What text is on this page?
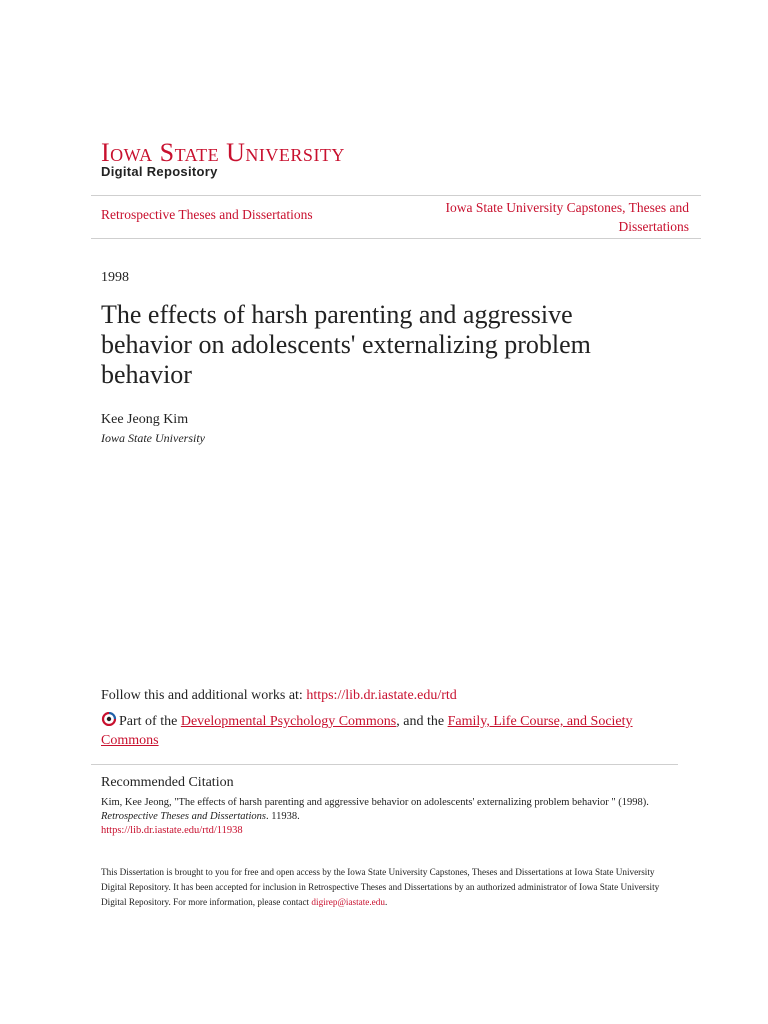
Iowa State University
Digital Repository
Retrospective Theses and Dissertations	Iowa State University Capstones, Theses and Dissertations
1998
The effects of harsh parenting and aggressive behavior on adolescents' externalizing problem behavior
Kee Jeong Kim
Iowa State University
Follow this and additional works at: https://lib.dr.iastate.edu/rtd
Part of the Developmental Psychology Commons, and the Family, Life Course, and Society Commons
Recommended Citation
Kim, Kee Jeong, "The effects of harsh parenting and aggressive behavior on adolescents' externalizing problem behavior " (1998).
Retrospective Theses and Dissertations. 11938.
https://lib.dr.iastate.edu/rtd/11938
This Dissertation is brought to you for free and open access by the Iowa State University Capstones, Theses and Dissertations at Iowa State University Digital Repository. It has been accepted for inclusion in Retrospective Theses and Dissertations by an authorized administrator of Iowa State University Digital Repository. For more information, please contact digirep@iastate.edu.
